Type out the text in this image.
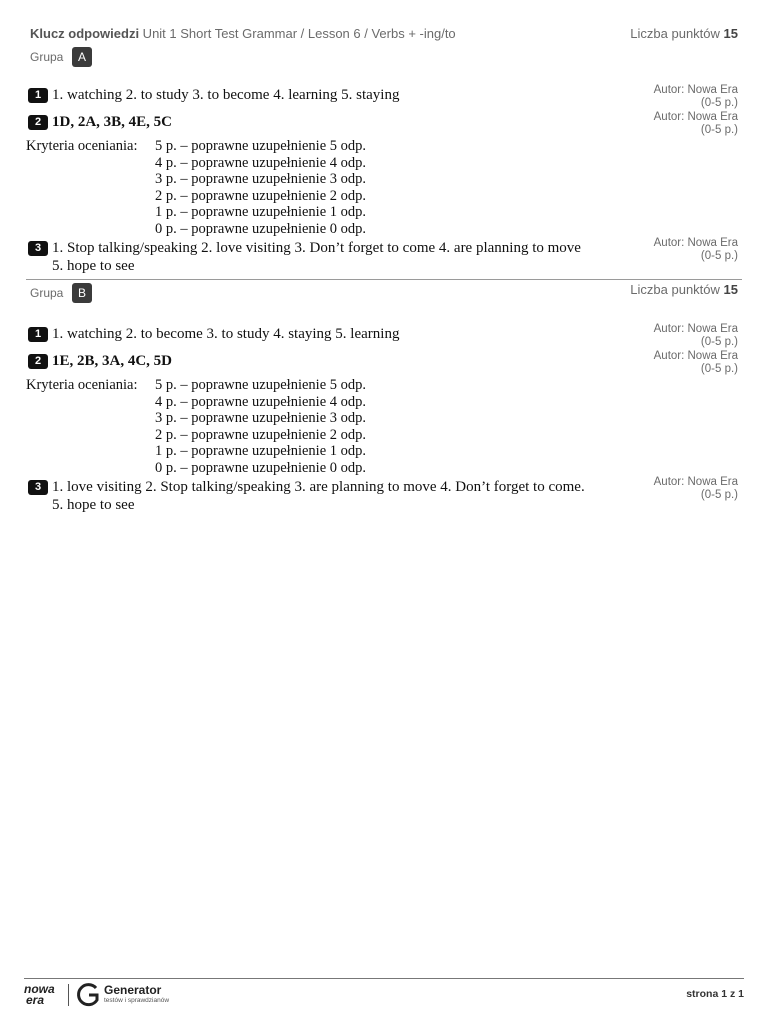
Klucz odpowiedzi Unit 1 Short Test Grammar / Lesson 6 / Verbs + -ing/to	Liczba punktów 15
Grupa	A
1 1. watching 2. to study 3. to become 4. learning 5. staying	Autor: Nowa Era
(0-5 p.)
2 1D, 2A, 3B, 4E, 5C	Autor: Nowa Era
(0-5 p.)
Kryteria oceniania: 5 p. – poprawne uzupełnienie 5 odp.
4 p. – poprawne uzupełnienie 4 odp.
3 p. – poprawne uzupełnienie 3 odp.
2 p. – poprawne uzupełnienie 2 odp.
1 p. – poprawne uzupełnienie 1 odp.
0 p. – poprawne uzupełnienie 0 odp.
3 1. Stop talking/speaking 2. love visiting 3. Don’t forget to come 4. are planning to move
5. hope to see
Autor: Nowa Era
(0-5 p.)
Grupa	B	Liczba punktów 15
1 1. watching 2. to become 3. to study 4. staying 5. learning	Autor: Nowa Era
(0-5 p.)
2 1E, 2B, 3A, 4C, 5D	Autor: Nowa Era
(0-5 p.)
Kryteria oceniania: 5 p. – poprawne uzupełnienie 5 odp.
4 p. – poprawne uzupełnienie 4 odp.
3 p. – poprawne uzupełnienie 3 odp.
2 p. – poprawne uzupełnienie 2 odp.
1 p. – poprawne uzupełnienie 1 odp.
0 p. – poprawne uzupełnienie 0 odp.
3 1. love visiting 2. Stop talking/speaking 3. are planning to move 4. Don’t forget to come.
5. hope to see
Autor: Nowa Era
(0-5 p.)
nowa
era
Generator
testów i sprawdzianów
strona 1 z 1
